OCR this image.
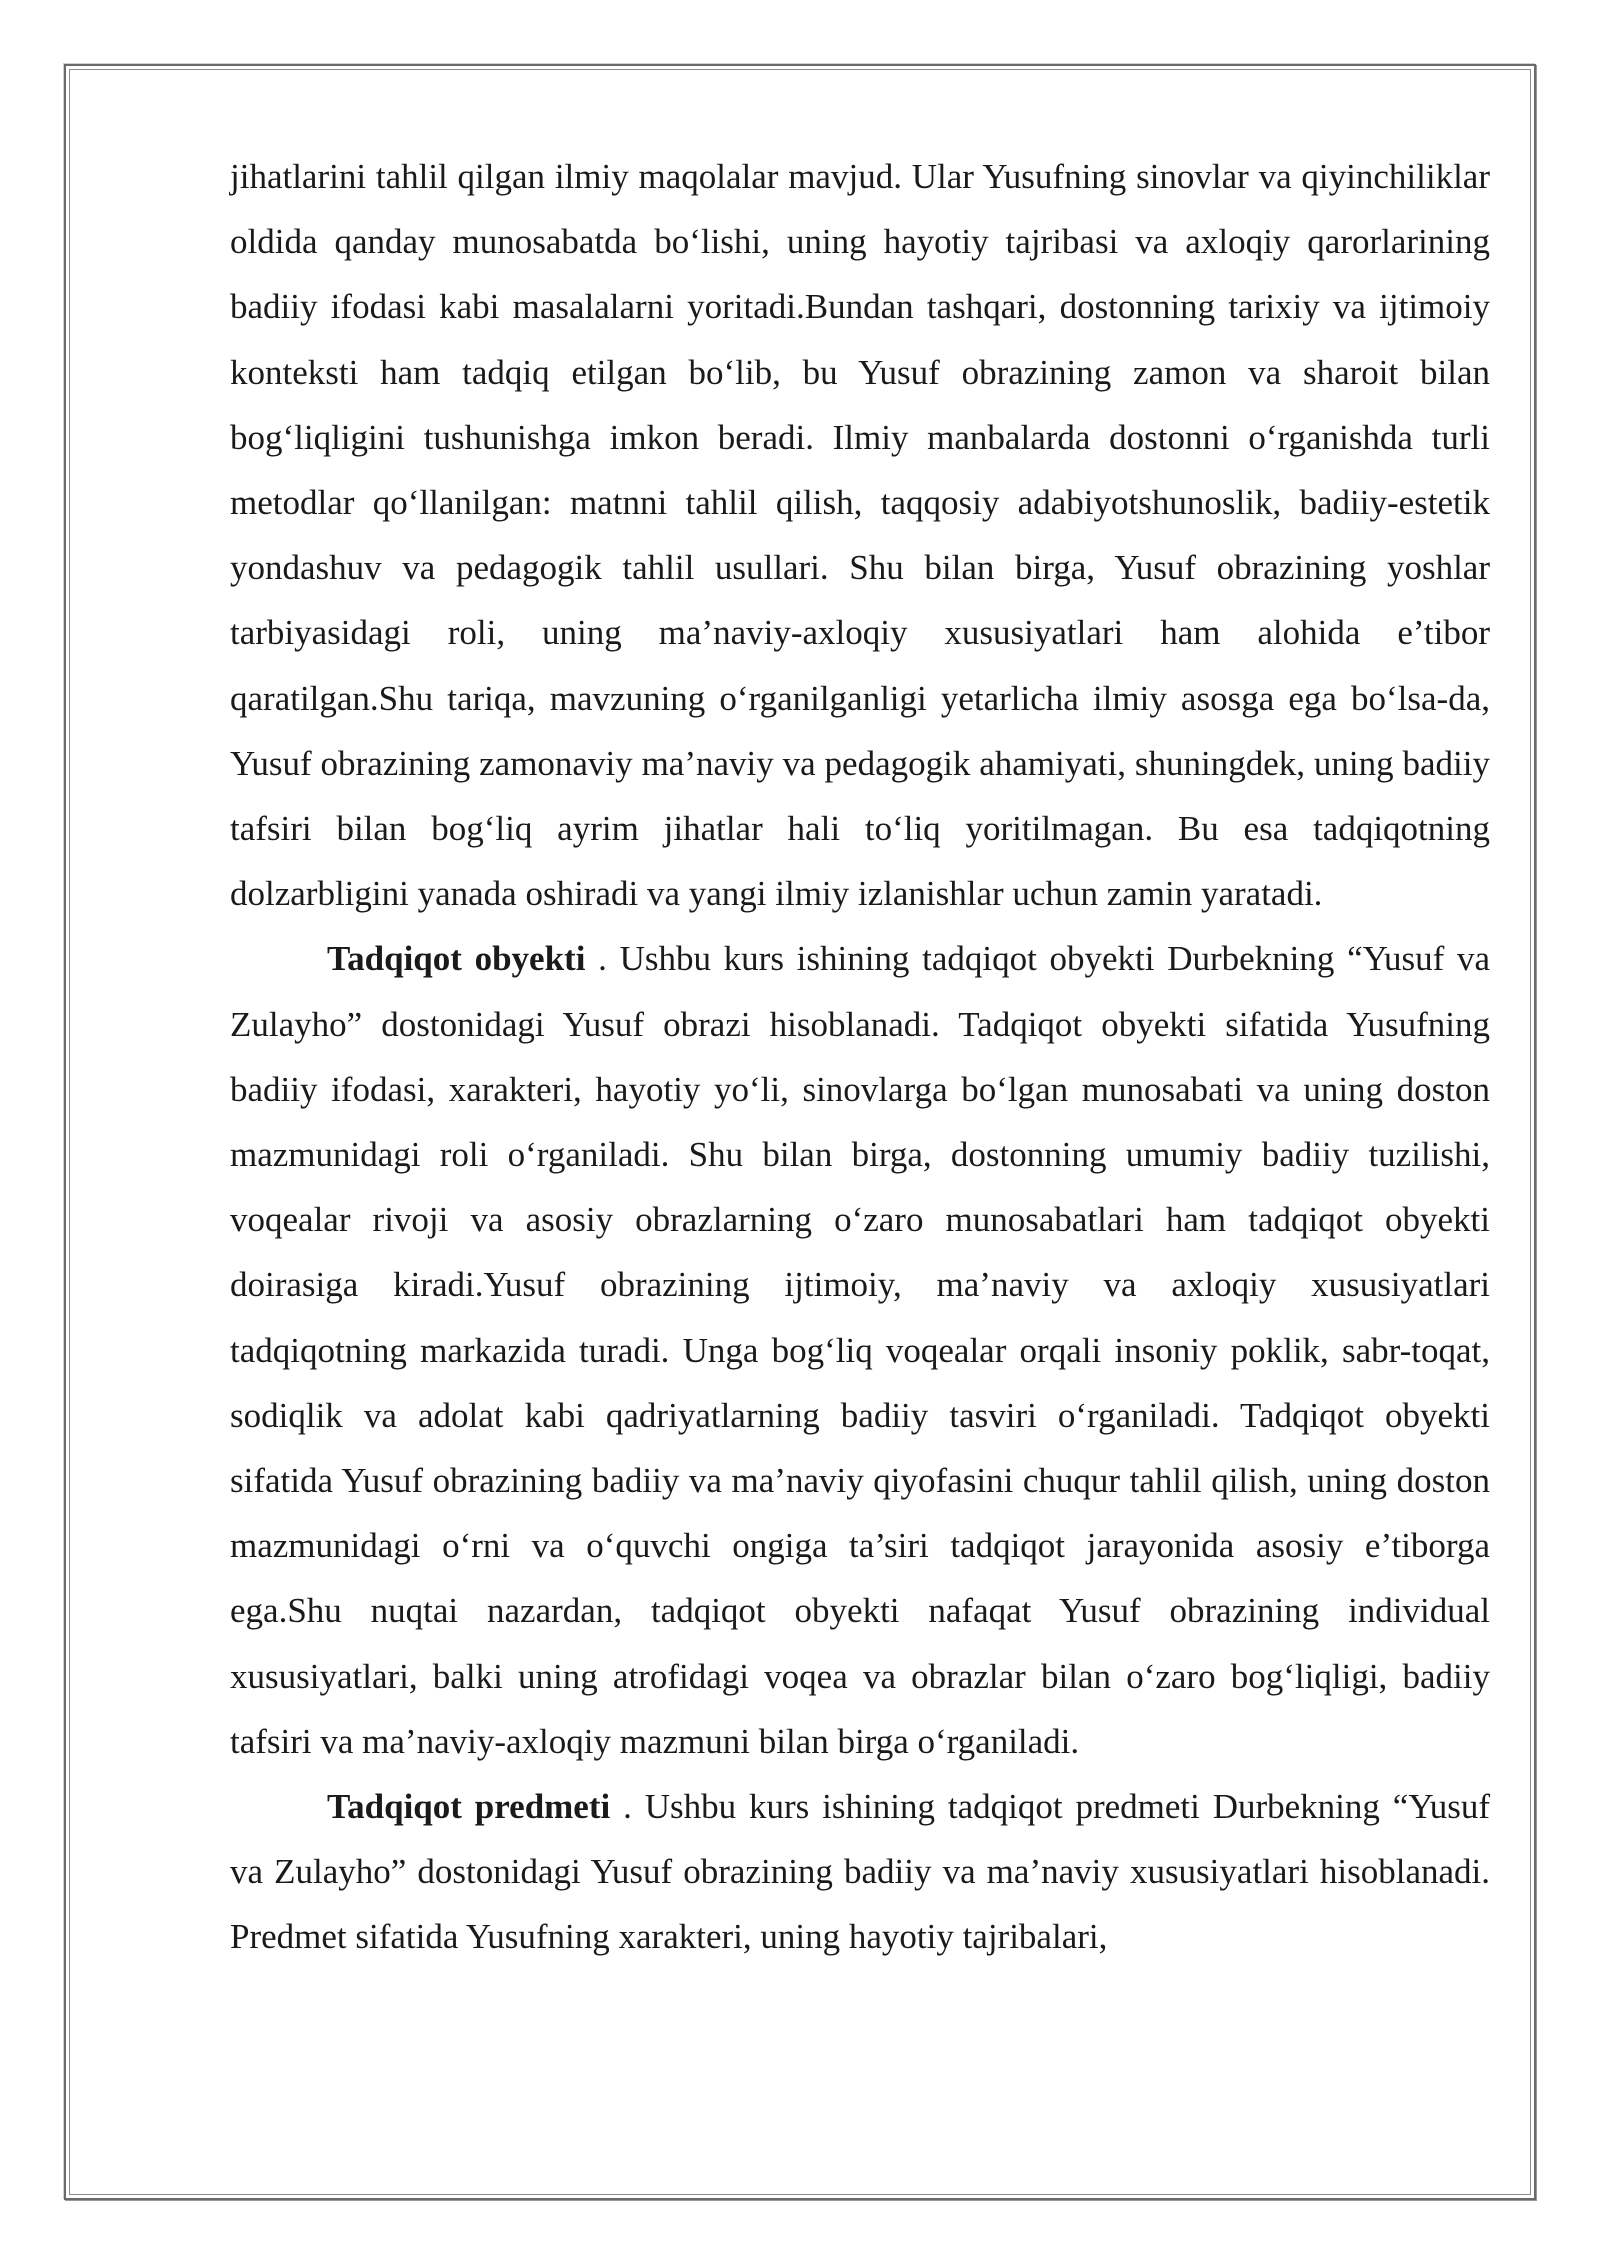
jihatlarini tahlil qilgan ilmiy maqolalar mavjud. Ular Yusufning sinovlar va qiyinchiliklar oldida qanday munosabatda bo‘lishi, uning hayotiy tajribasi va axloqiy qarorlarining badiiy ifodasi kabi masalalarni yoritadi.Bundan tashqari, dostonning tarixiy va ijtimoiy konteksti ham tadqiq etilgan bo‘lib, bu Yusuf obrazining zamon va sharoit bilan bog‘liqligini tushunishga imkon beradi. Ilmiy manbalarda dostonni o‘rganishda turli metodlar qo‘llanilgan: matnni tahlil qilish, taqqosiy adabiyotshunoslik, badiiy-estetik yondashuv va pedagogik tahlil usullari. Shu bilan birga, Yusuf obrazining yoshlar tarbiyasidagi roli, uning ma’naviy-axloqiy xususiyatlari ham alohida e’tibor qaratilgan.Shu tariqa, mavzuning o‘rganilganligi yetarlicha ilmiy asosga ega bo‘lsa-da, Yusuf obrazining zamonaviy ma’naviy va pedagogik ahamiyati, shuningdek, uning badiiy tafsiri bilan bog‘liq ayrim jihatlar hali to‘liq yoritilmagan. Bu esa tadqiqotning dolzarbligini yanada oshiradi va yangi ilmiy izlanishlar uchun zamin yaratadi.

Tadqiqot obyekti . Ushbu kurs ishining tadqiqot obyekti Durbekning “Yusuf va Zulayho” dostonidagi Yusuf obrazi hisoblanadi. Tadqiqot obyekti sifatida Yusufning badiiy ifodasi, xarakteri, hayotiy yo‘li, sinovlarga bo‘lgan munosabati va uning doston mazmunidagi roli o‘rganiladi. Shu bilan birga, dostonning umumiy badiiy tuzilishi, voqealar rivoji va asosiy obrazlarning o‘zaro munosabatlari ham tadqiqot obyekti doirasiga kiradi.Yusuf obrazining ijtimoiy, ma’naviy va axloqiy xususiyatlari tadqiqotning markazida turadi. Unga bog‘liq voqealar orqali insoniy poklik, sabr-toqat, sodiqlik va adolat kabi qadriyatlarning badiiy tasviri o‘rganiladi. Tadqiqot obyekti sifatida Yusuf obrazining badiiy va ma’naviy qiyofasini chuqur tahlil qilish, uning doston mazmunidagi o‘rni va o‘quvchi ongiga ta’siri tadqiqot jarayonida asosiy e’tiborga ega.Shu nuqtai nazardan, tadqiqot obyekti nafaqat Yusuf obrazining individual xususiyatlari, balki uning atrofidagi voqea va obrazlar bilan o‘zaro bog‘liqligi, badiiy tafsiri va ma’naviy-axloqiy mazmuni bilan birga o‘rganiladi.

Tadqiqot predmeti . Ushbu kurs ishining tadqiqot predmeti Durbekning “Yusuf va Zulayho” dostonidagi Yusuf obrazining badiiy va ma’naviy xususiyatlari hisoblanadi. Predmet sifatida Yusufning xarakteri, uning hayotiy tajribalari,
